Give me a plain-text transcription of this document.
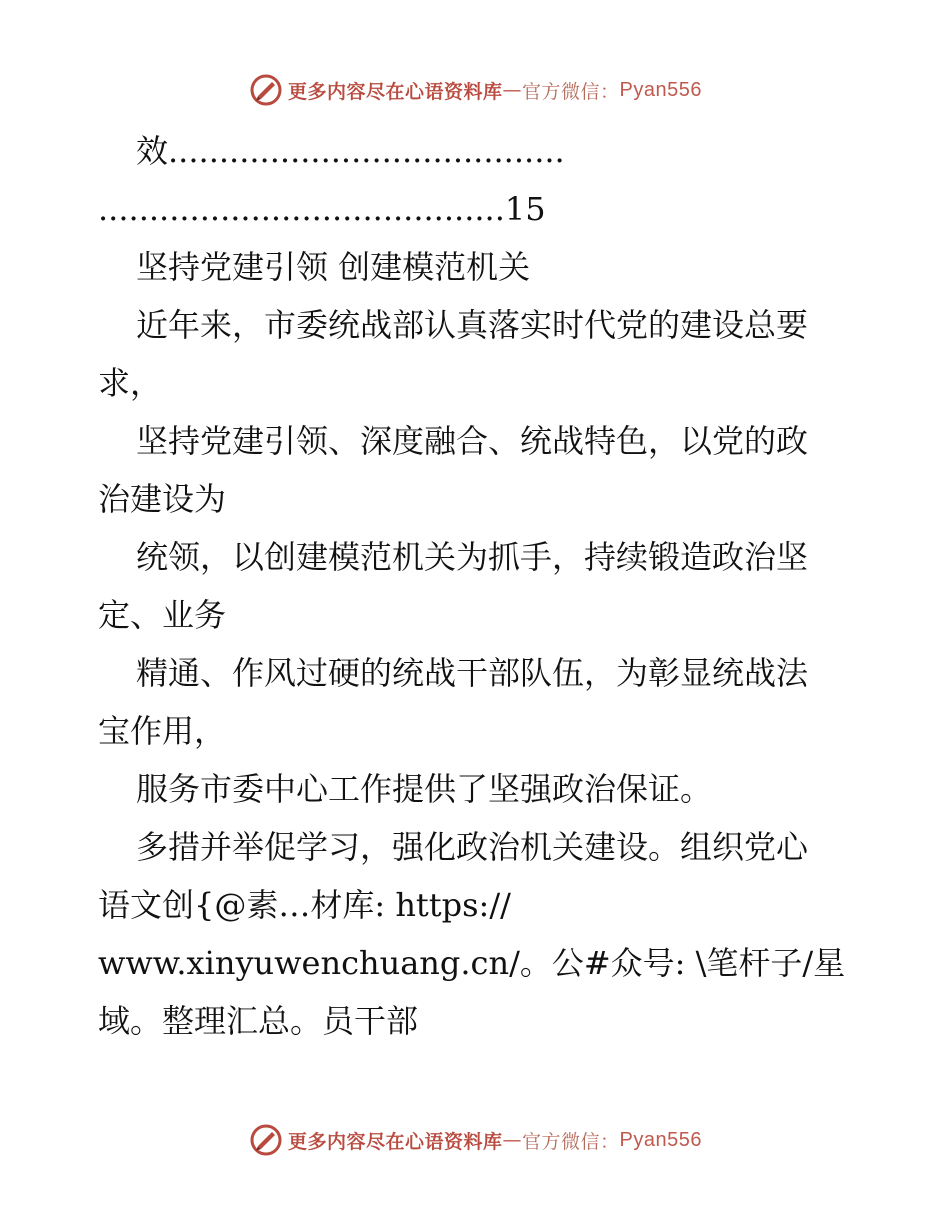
更多内容尽在心语资料库 — 官方微信： Pyan556
效.......................................
........................................15
坚持党建引领 创建模范机关
近年来，市委统战部认真落实时代党的建设总要
求，
坚持党建引领、深度融合、统战特色，以党的政
治建设为
统领，以创建模范机关为抓手，持续锻造政治坚
定、业务
精通、作风过硬的统战干部队伍，为彰显统战法
宝作用，
服务市委中心工作提供了坚强政治保证。
多措并举促学习，强化政治机关建设。组织党心
语文创{@素…材库: https://
www.xinyuwenchuang.cn/。公#众号: \笔杆子/星
域。整理汇总。员干部
更多内容尽在心语资料库 — 官方微信： Pyan556
